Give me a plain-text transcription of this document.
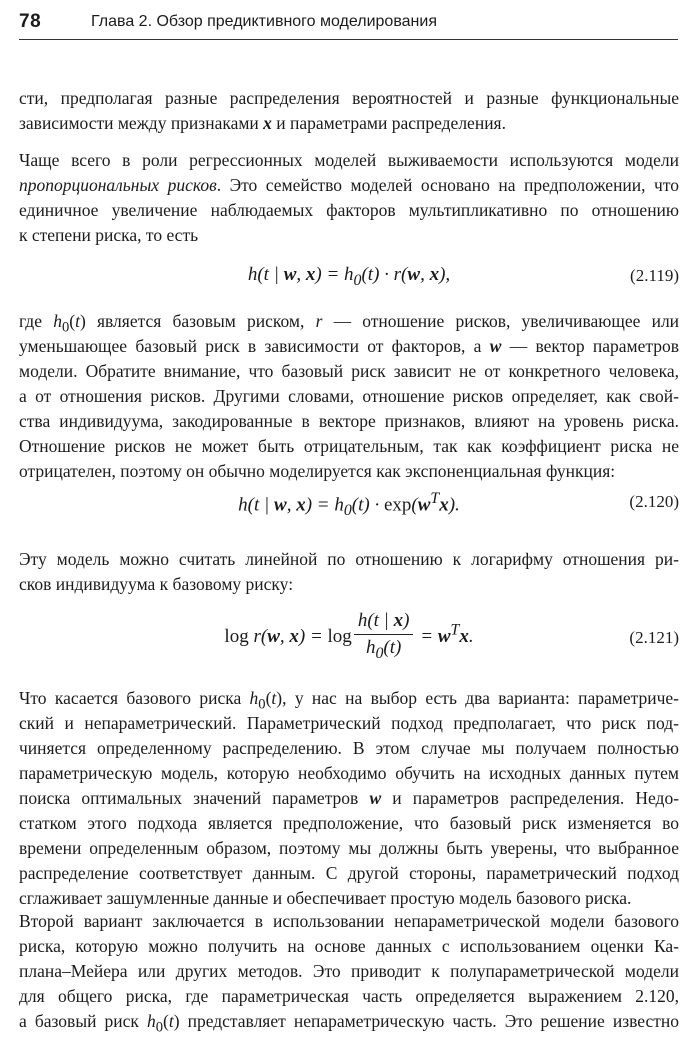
78	Глава 2. Обзор предиктивного моделирования
сти, предполагая разные распределения вероятностей и разные функциональные
зависимости между признаками x и параметрами распределения.
Чаще всего в роли регрессионных моделей выживаемости используются модели
пропорциональных рисков. Это семейство моделей основано на предположении, что
единичное увеличение наблюдаемых факторов мультипликативно по отношению
к степени риска, то есть
h(t | w, $x) = h_0(t) \cdot r(w$, x),	(2.119)
где $h_0(t)$ является базовым риском, r — отношение рисков, увеличивающее или
уменьшающее базовый риск в зависимости от факторов, а w — вектор параметров
модели. Обратите внимание, что базовый риск зависит не от конкретного человека,
а от отношения рисков. Другими словами, отношение рисков определяет, как свой-
ства индивидуума, закодированные в векторе признаков, влияют на уровень риска.
Отношение рисков не может быть отрицательным, так как коэффициент риска не
отрицателен, поэтому он обычно моделируется как экспоненциальная функция:
h(t | w, $x) = h_0(t) \cdot \exp(w^Tx)$.	(2.120)
Эту модель можно считать линейной по отношению к логарифму отношения ри-
сков индивидуума к базовому риску:
log r(w, $x) = \log \frac{h(t | x)}{h_0(t)} = w^Tx$.	(2.121)
Что касается базового риска $h_0(t)$, у нас на выбор есть два варианта: параметриче-
ский и непараметрический. Параметрический подход предполагает, что риск под-
чиняется определенному распределению. В этом случае мы получаем полностью
параметрическую модель, которую необходимо обучить на исходных данных путем
поиска оптимальных значений параметров w и параметров распределения. Недо-
статком этого подхода является предположение, что базовый риск изменяется во
времени определенным образом, поэтому мы должны быть уверены, что выбранное
распределение соответствует данным. С другой стороны, параметрический подход
сглаживает зашумленные данные и обеспечивает простую модель базового риска.
Второй вариант заключается в использовании непараметрической модели базового
риска, которую можно получить на основе данных с использованием оценки Ка-
плана–Мейера или других методов. Это приводит к полупараметрической модели
для общего риска, где параметрическая часть определяется выражением 2.120,
а базовый риск $h_0(t)$ представляет непараметрическую часть. Это решение известно
